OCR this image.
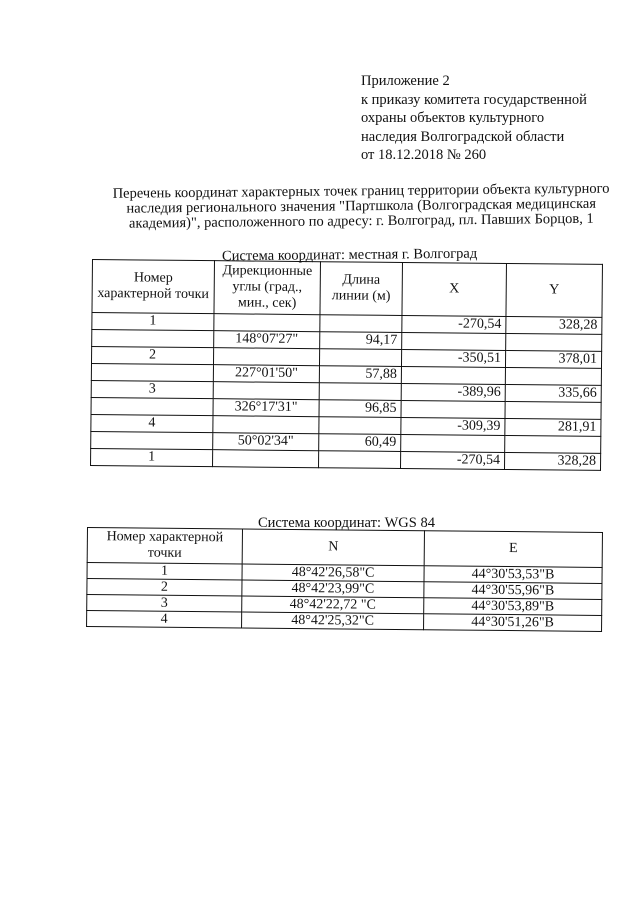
Приложение 2
к приказу комитета государственной
охраны объектов культурного
наследия Волгоградской области
от 18.12.2018 № 260
Перечень координат характерных точек границ территории объекта культурного
наследия регионального значения "Партшкола (Волгоградская медицинская
академия)", расположенного по адресу: г. Волгоград, пл. Павших Борцов, 1
Система координат: местная г. Волгоград
Номер характерной точки	Дирекционные углы (град., мин., сек)	Длина линии (м)	X	Y
1			-270,54	328,28
	148°07'27"	94,17		
2			-350,51	378,01
	227°01'50"	57,88		
3			-389,96	335,66
	326°17'31"	96,85		
4			-309,39	281,91
	50°02'34"	60,49		
1			-270,54	328,28
Система координат: WGS 84
Номер характерной точки	N	E
1	48°42'26,58"С	44°30'53,53"В
2	48°42'23,99"С	44°30'55,96"В
3	48°42'22,72 "С	44°30'53,89"В
4	48°42'25,32"С	44°30'51,26"В
